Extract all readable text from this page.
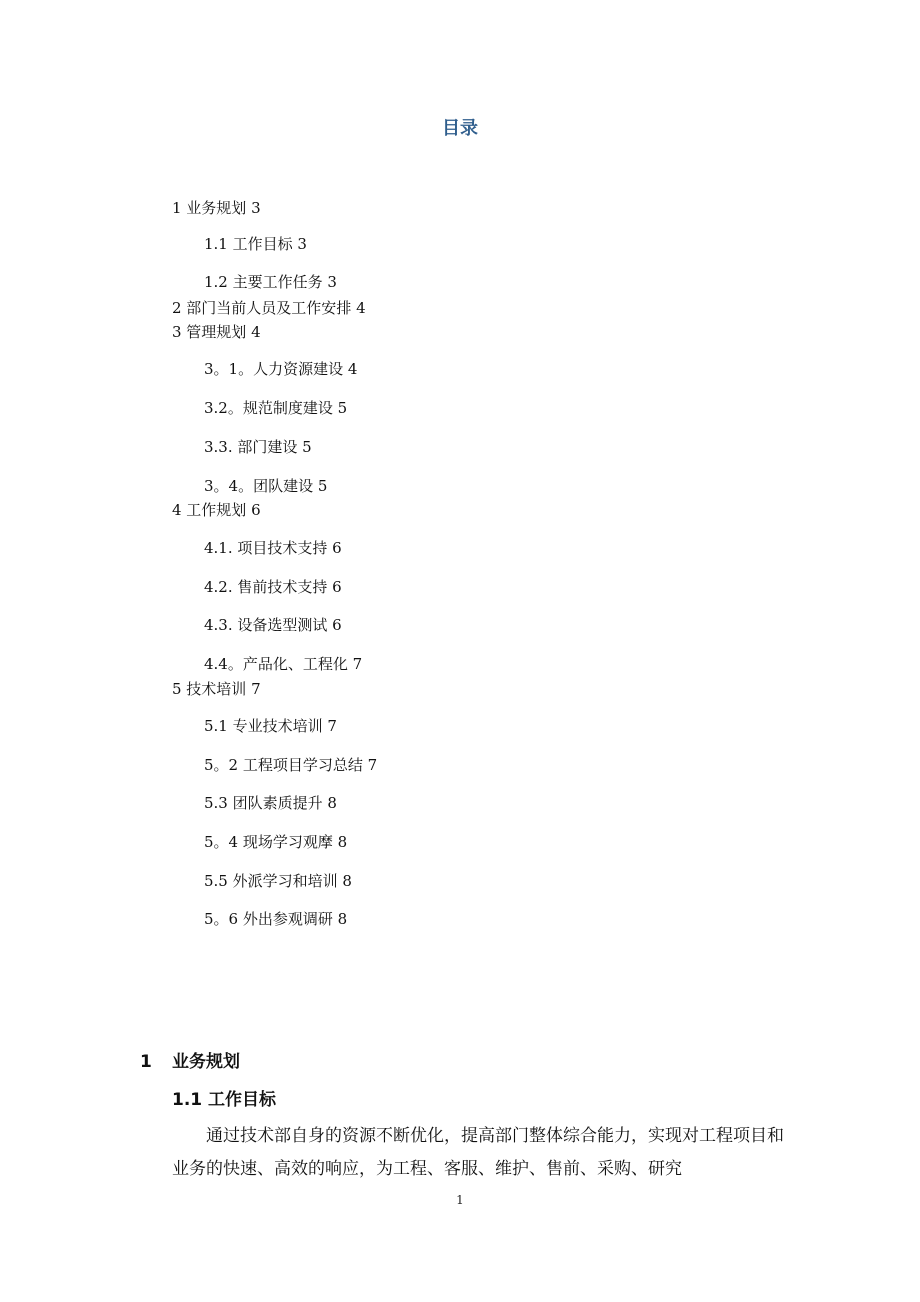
目录
1 业务规划 3
1.1 工作目标 3
1.2 主要工作任务 3
2 部门当前人员及工作安排 4
3 管理规划 4
3。1。人力资源建设 4
3.2。规范制度建设 5
3.3. 部门建设 5
3。4。团队建设 5
4 工作规划 6
4.1. 项目技术支持 6
4.2. 售前技术支持 6
4.3. 设备选型测试 6
4.4。产品化、工程化 7
5 技术培训 7
5.1 专业技术培训 7
5。2 工程项目学习总结 7
5.3 团队素质提升 8
5。4 现场学习观摩 8
5.5 外派学习和培训 8
5。6 外出参观调研 8
1 业务规划
1.1 工作目标

通过技术部自身的资源不断优化，提高部门整体综合能力，实现对工程项目和业务的快速、高效的响应，为工程、客服、维护、售前、采购、研究

1
